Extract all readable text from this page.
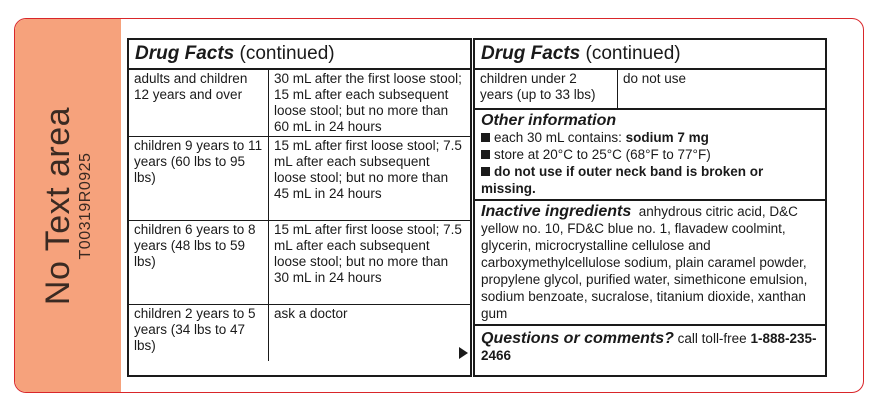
No Text area T00319R0925
Drug Facts (continued)
adults and children 12 years and over
30 mL after the first loose stool; 15 mL after each subsequent loose stool; but no more than 60 mL in 24 hours
children 9 years to 11 years (60 lbs to 95 lbs)
15 mL after first loose stool; 7.5 mL after each subsequent loose stool; but no more than 45 mL in 24 hours
children 6 years to 8 years (48 lbs to 59 lbs)
15 mL after first loose stool; 7.5 mL after each subsequent loose stool; but no more than 30 mL in 24 hours
children 2 years to 5 years (34 lbs to 47 lbs)
ask a doctor
Drug Facts (continued)
children under 2 years (up to 33 lbs)
do not use
Other information
each 30 mL contains: sodium 7 mg
store at 20°C to 25°C (68°F to 77°F)
do not use if outer neck band is broken or missing.
Inactive ingredients anhydrous citric acid, D&C yellow no. 10, FD&C blue no. 1, flavadew coolmint, glycerin, microcrystalline cellulose and carboxymethylcellulose sodium, plain caramel powder, propylene glycol, purified water, simethicone emulsion, sodium benzoate, sucralose, titanium dioxide, xanthan gum
Questions or comments? call toll-free 1-888-235-2466
